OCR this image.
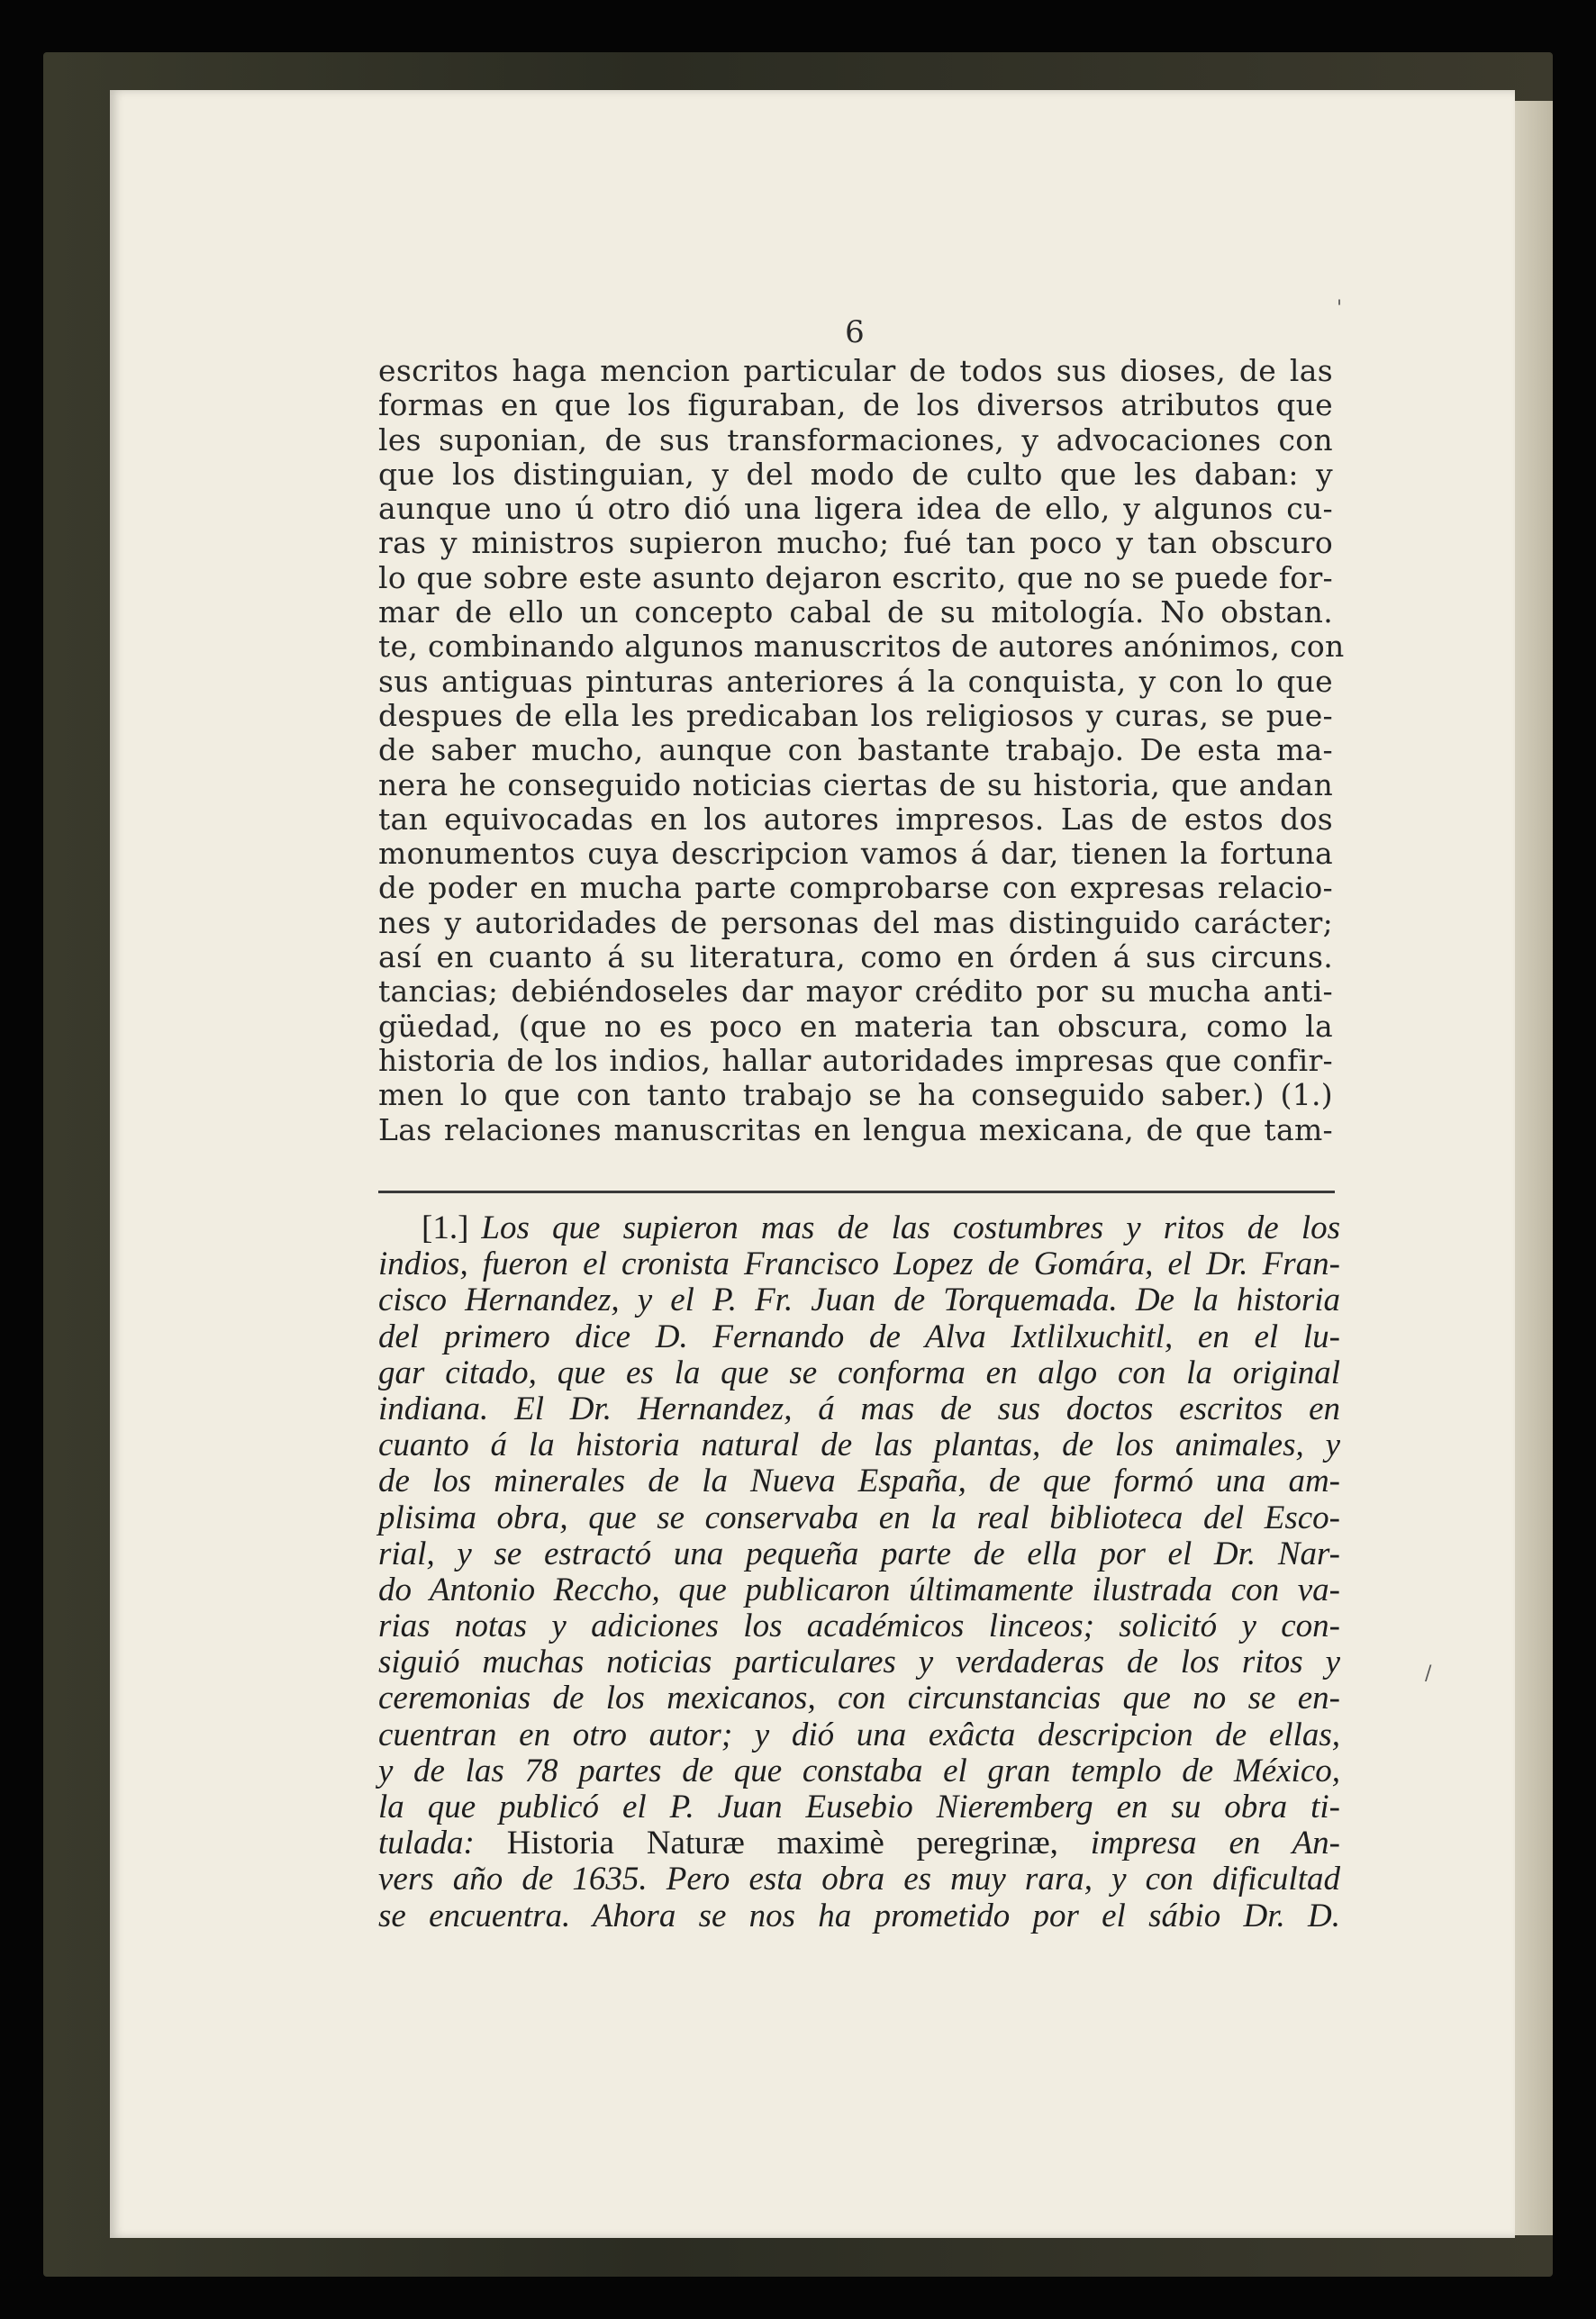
6

escritos haga mencion particular de todos sus dioses, de las
formas en que los figuraban, de los diversos atributos que
les suponian, de sus transformaciones, y advocaciones con
que los distinguian, y del modo de culto que les daban: y
aunque uno ú otro dió una ligera idea de ello, y algunos cu-
ras y ministros supieron mucho; fué tan poco y tan obscuro
lo que sobre este asunto dejaron escrito, que no se puede for-
mar de ello un concepto cabal de su mitología. No obstan.
te, combinando algunos manuscritos de autores anónimos, con
sus antiguas pinturas anteriores á la conquista, y con lo que
despues de ella les predicaban los religiosos y curas, se pue-
de saber mucho, aunque con bastante trabajo. De esta ma-
nera he conseguido noticias ciertas de su historia, que andan
tan equivocadas en los autores impresos. Las de estos dos
monumentos cuya descripcion vamos á dar, tienen la fortuna
de poder en mucha parte comprobarse con expresas relacio-
nes y autoridades de personas del mas distinguido carácter;
así en cuanto á su literatura, como en órden á sus circuns.
tancias; debiéndoseles dar mayor crédito por su mucha anti-
güedad, (que no es poco en materia tan obscura, como la
historia de los indios, hallar autoridades impresas que confir-
men lo que con tanto trabajo se ha conseguido saber.) (1.)
Las relaciones manuscritas en lengua mexicana, de que tam-
[1.] Los que supieron mas de las costumbres y ritos de los
indios, fueron el cronista Francisco Lopez de Gomára, el Dr. Fran-
cisco Hernandez, y el P. Fr. Juan de Torquemada. De la historia
del primero dice D. Fernando de Alva Ixtlilxuchitl, en el lu-
gar citado, que es la que se conforma en algo con la original
indiana. El Dr. Hernandez, á mas de sus doctos escritos en
cuanto á la historia natural de las plantas, de los animales, y
de los minerales de la Nueva España, de que formó una am-
plisima obra, que se conservaba en la real biblioteca del Esco-
rial, y se estractó una pequeña parte de ella por el Dr. Nar-
do Antonio Reccho, que publicaron últimamente ilustrada con va-
rias notas y adiciones los académicos linceos; solicitó y con-
siguió muchas noticias particulares y verdaderas de los ritos y
ceremonias de los mexicanos, con circunstancias que no se en-
cuentran en otro autor; y dió una exâcta descripcion de ellas,
y de las 78 partes de que constaba el gran templo de México,
la que publicó el P. Juan Eusebio Nieremberg en su obra ti-
tulada: Historia Naturæ maximè peregrinæ, impresa en An-
vers año de 1635. Pero esta obra es muy rara, y con dificultad
se encuentra. Ahora se nos ha prometido por el sábio Dr. D.
'
/
